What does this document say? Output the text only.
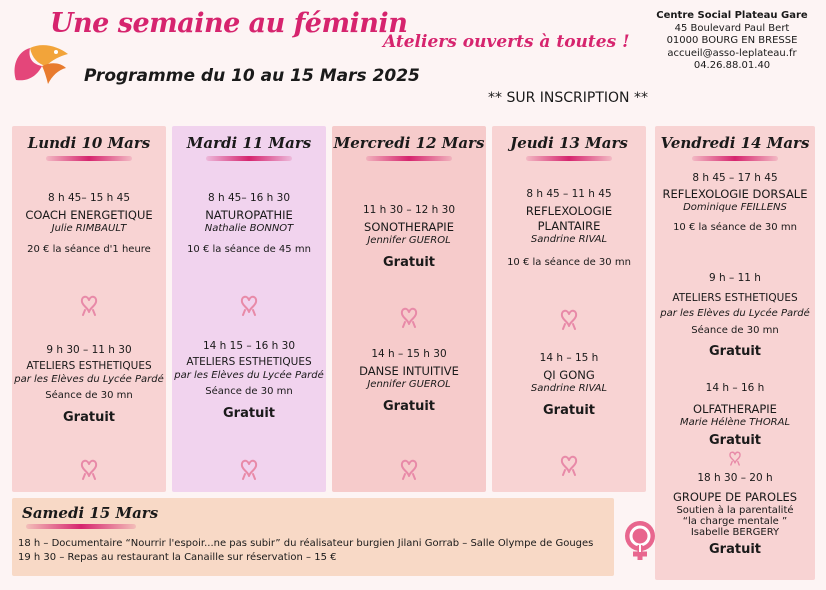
Une semaine au féminin
Ateliers ouverts à toutes !
Programme du 10 au 15 Mars 2025
** SUR INSCRIPTION **
Centre Social Plateau Gare
45 Boulevard Paul Bert
01000 BOURG EN BRESSE
accueil@asso-leplateau.fr
04.26.88.01.40
Lundi 10 Mars
8 h 45– 15 h 45
COACH ENERGETIQUE
Julie RIMBAULT
20 € la séance d'1 heure
9 h 30 – 11 h 30
ATELIERS ESTHETIQUES
par les Elèves du Lycée Pardé
Séance de 30 mn
Gratuit
Mardi 11 Mars
8 h 45– 16 h 30
NATUROPATHIE
Nathalie BONNOT
10 € la séance de 45 mn
14 h 15 – 16 h 30
ATELIERS ESTHETIQUES
par les Elèves du Lycée Pardé
Séance de 30 mn
Gratuit
Mercredi 12 Mars
11 h 30 – 12 h 30
SONOTHERAPIE
Jennifer GUEROL
Gratuit
14 h – 15 h 30
DANSE INTUITIVE
Jennifer GUEROL
Gratuit
Jeudi 13 Mars
8 h 45 – 11 h 45
REFLEXOLOGIE
PLANTAIRE
Sandrine RIVAL
10 € la séance de 30 mn
14 h – 15 h
QI GONG
Sandrine RIVAL
Gratuit
Vendredi 14 Mars
8 h 45 – 17 h 45
REFLEXOLOGIE DORSALE
Dominique FEILLENS
10 € la séance de 30 mn
9 h – 11 h
ATELIERS ESTHETIQUES
par les Elèves du Lycée Pardé
Séance de 30 mn
Gratuit
14 h – 16 h
OLFATHERAPIE
Marie Hélène THORAL
Gratuit
18 h 30 – 20 h
GROUPE DE PAROLES
Soutien à la parentalité
“la charge mentale ”
Isabelle BERGERY
Gratuit
Samedi 15 Mars
18 h – Documentaire “Nourrir l'espoir...ne pas subir” du réalisateur burgien Jilani Gorrab – Salle Olympe de Gouges
19 h 30 – Repas au restaurant la Canaille sur réservation – 15 €
